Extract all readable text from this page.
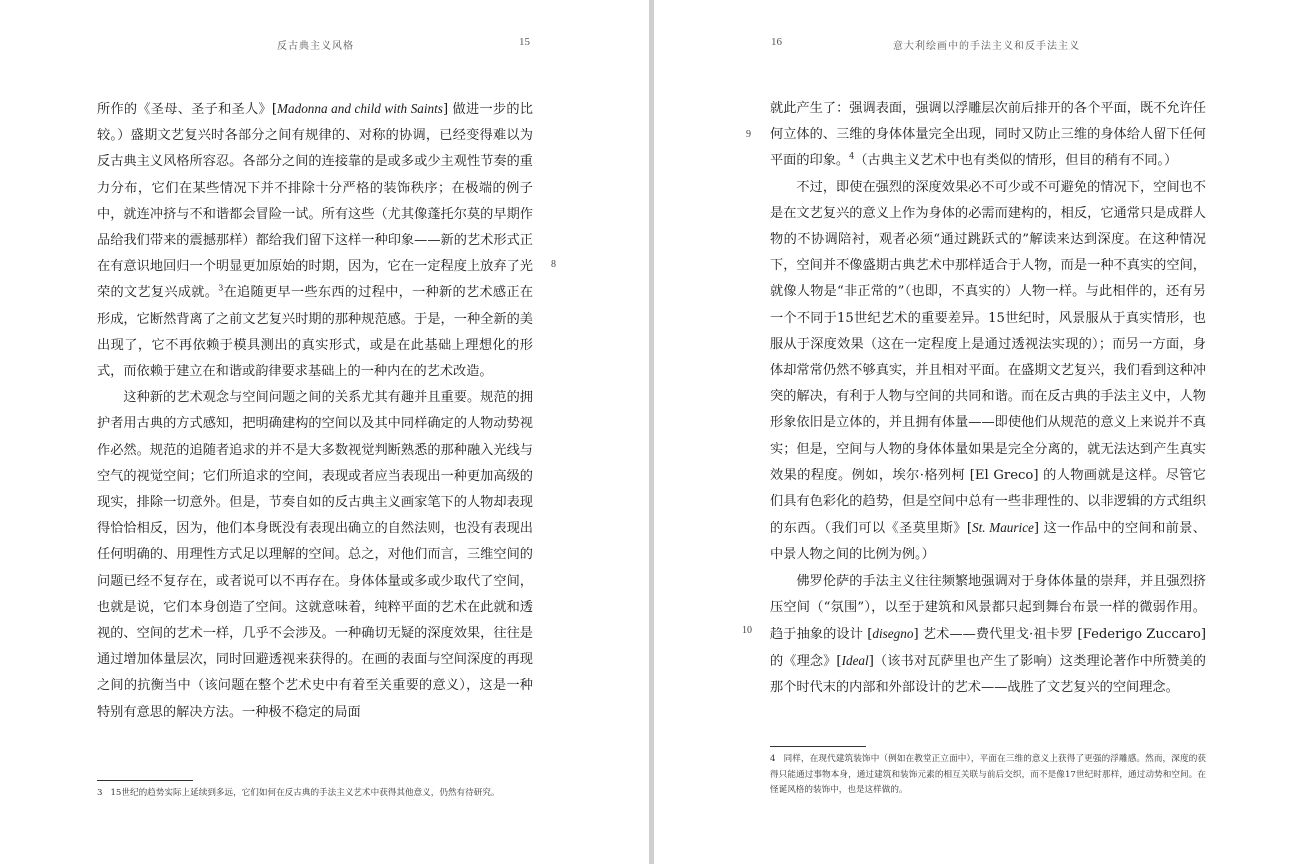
反古典主义风格	15

所作的《圣母、圣子和圣人》[Madonna and child with Saints] 做进一步的比较。）盛期文艺复兴时各部分之间有规律的、对称的协调，已经变得难以为反古典主义风格所容忍。各部分之间的连接靠的是或多或少主观性节奏的重力分布，它们在某些情况下并不排除十分严格的装饰秩序；在极端的例子中，就连冲挤与不和谐都会冒险一试。所有这些（尤其像蓬托尔莫的早期作品给我们带来的震撼那样）都给我们留下这样一种印象——新的艺术形式正在有意识地回归一个明显更加原始的时期，因为，它在一定程度上放弃了光荣的文艺复兴成就。$^3$在追随更早一些东西的过程中，一种新的艺术感正在形成，它断然背离了之前文艺复兴时期的那种规范感。于是，一种全新的美出现了，它不再依赖于模具测出的真实形式，或是在此基础上理想化的形式，而依赖于建立在和谐或韵律要求基础上的一种内在的艺术改造。

这种新的艺术观念与空间问题之间的关系尤其有趣并且重要。规范的拥护者用古典的方式感知，把明确建构的空间以及其中同样确定的人物动势视作必然。规范的追随者追求的并不是大多数视觉判断熟悉的那种融入光线与空气的视觉空间；它们所追求的空间，表现或者应当表现出一种更加高级的现实，排除一切意外。但是，节奏自如的反古典主义画家笔下的人物却表现得恰恰相反，因为，他们本身既没有表现出确立的自然法则，也没有表现出任何明确的、用理性方式足以理解的空间。总之，对他们而言，三维空间的问题已经不复存在，或者说可以不再存在。身体体量或多或少取代了空间，也就是说，它们本身创造了空间。这就意味着，纯粹平面的艺术在此就和透视的、空间的艺术一样，几乎不会涉及。一种确切无疑的深度效果，往往是通过增加体量层次，同时回避透视来获得的。在画的表面与空间深度的再现之间的抗衡当中（该问题在整个艺术史中有着至关重要的意义），这是一种特别有意思的解决方法。一种极不稳定的局面

8
3 15世纪的趋势实际上延续到多远，它们如何在反古典的手法主义艺术中获得其他意义，仍然有待研究。
16	意大利绘画中的手法主义和反手法主义

就此产生了：强调表面，强调以浮雕层次前后排开的各个平面，既不允许任何立体的、三维的身体体量完全出现，同时又防止三维的身体给人留下任何平面的印象。$^4$（古典主义艺术中也有类似的情形，但目的稍有不同。）

不过，即使在强烈的深度效果必不可少或不可避免的情况下，空间也不是在文艺复兴的意义上作为身体的必需而建构的，相反，它通常只是成群人物的不协调陪衬，观者必须“通过跳跃式的”解读来达到深度。在这种情况下，空间并不像盛期古典艺术中那样适合于人物，而是一种不真实的空间，就像人物是“非正常的”（也即，不真实的）人物一样。与此相伴的，还有另一个不同于15世纪艺术的重要差异。15世纪时，风景服从于真实情形，也服从于深度效果（这在一定程度上是通过透视法实现的）；而另一方面，身体却常常仍然不够真实，并且相对平面。在盛期文艺复兴，我们看到这种冲突的解决，有利于人物与空间的共同和谐。而在反古典的手法主义中，人物形象依旧是立体的，并且拥有体量——即使他们从规范的意义上来说并不真实；但是，空间与人物的身体体量如果是完全分离的，就无法达到产生真实效果的程度。例如，埃尔·格列柯 [El Greco] 的人物画就是这样。尽管它们具有色彩化的趋势，但是空间中总有一些非理性的、以非逻辑的方式组织的东西。（我们可以《圣莫里斯》[St. Maurice] 这一作品中的空间和前景、中景人物之间的比例为例。）

佛罗伦萨的手法主义往往频繁地强调对于身体体量的崇拜，并且强烈挤压空间（“氛围”），以至于建筑和风景都只起到舞台布景一样的微弱作用。趋于抽象的设计 [disegno] 艺术——费代里戈·祖卡罗 [Federigo Zuccaro] 的《理念》[Ideal]（该书对瓦萨里也产生了影响）这类理论著作中所赞美的那个时代末的内部和外部设计的艺术——战胜了文艺复兴的空间理念。

9
10
4 同样，在现代建筑装饰中（例如在教堂正立面中），平面在三维的意义上获得了更强的浮雕感。然而，深度的获得只能通过事物本身，通过建筑和装饰元素的相互关联与前后交织，而不是像17世纪时那样，通过动势和空间。在怪诞风格的装饰中，也是这样做的。
